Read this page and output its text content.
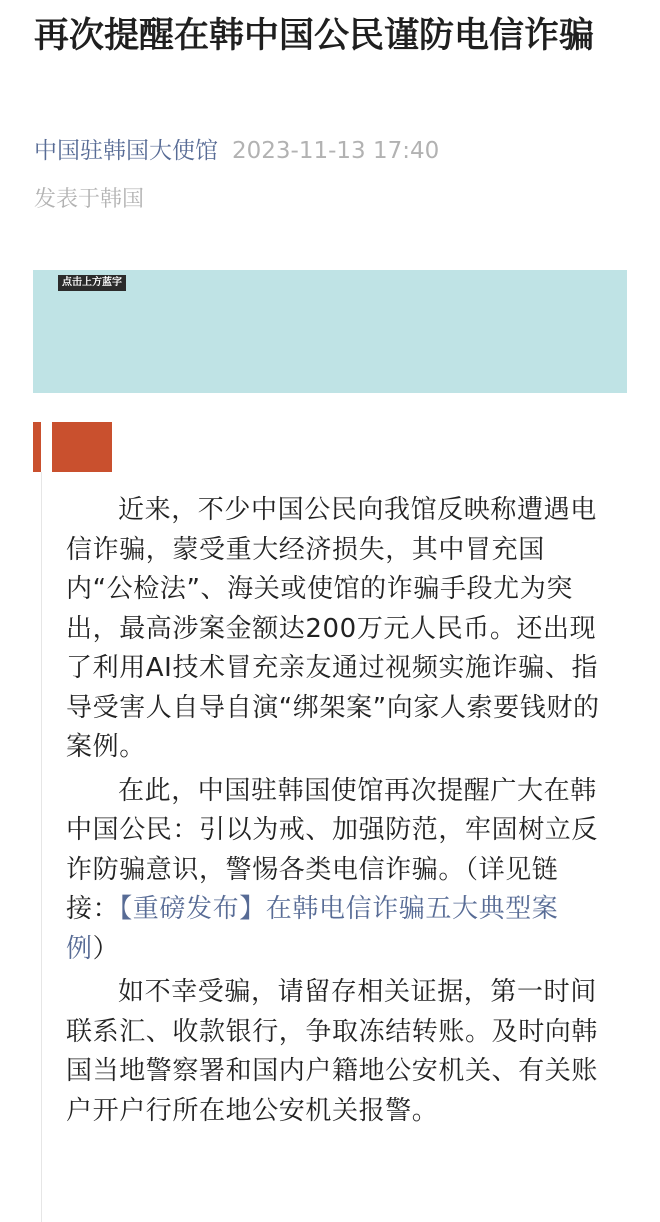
再次提醒在韩中国公民谨防电信诈骗
中国驻韩国大使馆 2023-11-13 17:40
发表于韩国
点击上方蓝字

近来，不少中国公民向我馆反映称遭遇电信诈骗，蒙受重大经济损失，其中冒充国内“公检法”、海关或使馆的诈骗手段尤为突出，最高涉案金额达200万元人民币。还出现了利用AI技术冒充亲友通过视频实施诈骗、指导受害人自导自演“绑架案”向家人索要钱财的案例。

在此，中国驻韩国使馆再次提醒广大在韩中国公民：引以为戒、加强防范，牢固树立反诈防骗意识，警惕各类电信诈骗。（详见链接：【重磅发布】在韩电信诈骗五大典型案例）

如不幸受骗，请留存相关证据，第一时间联系汇、收款银行，争取冻结转账。及时向韩国当地警察署和国内户籍地公安机关、有关账户开户行所在地公安机关报警。
